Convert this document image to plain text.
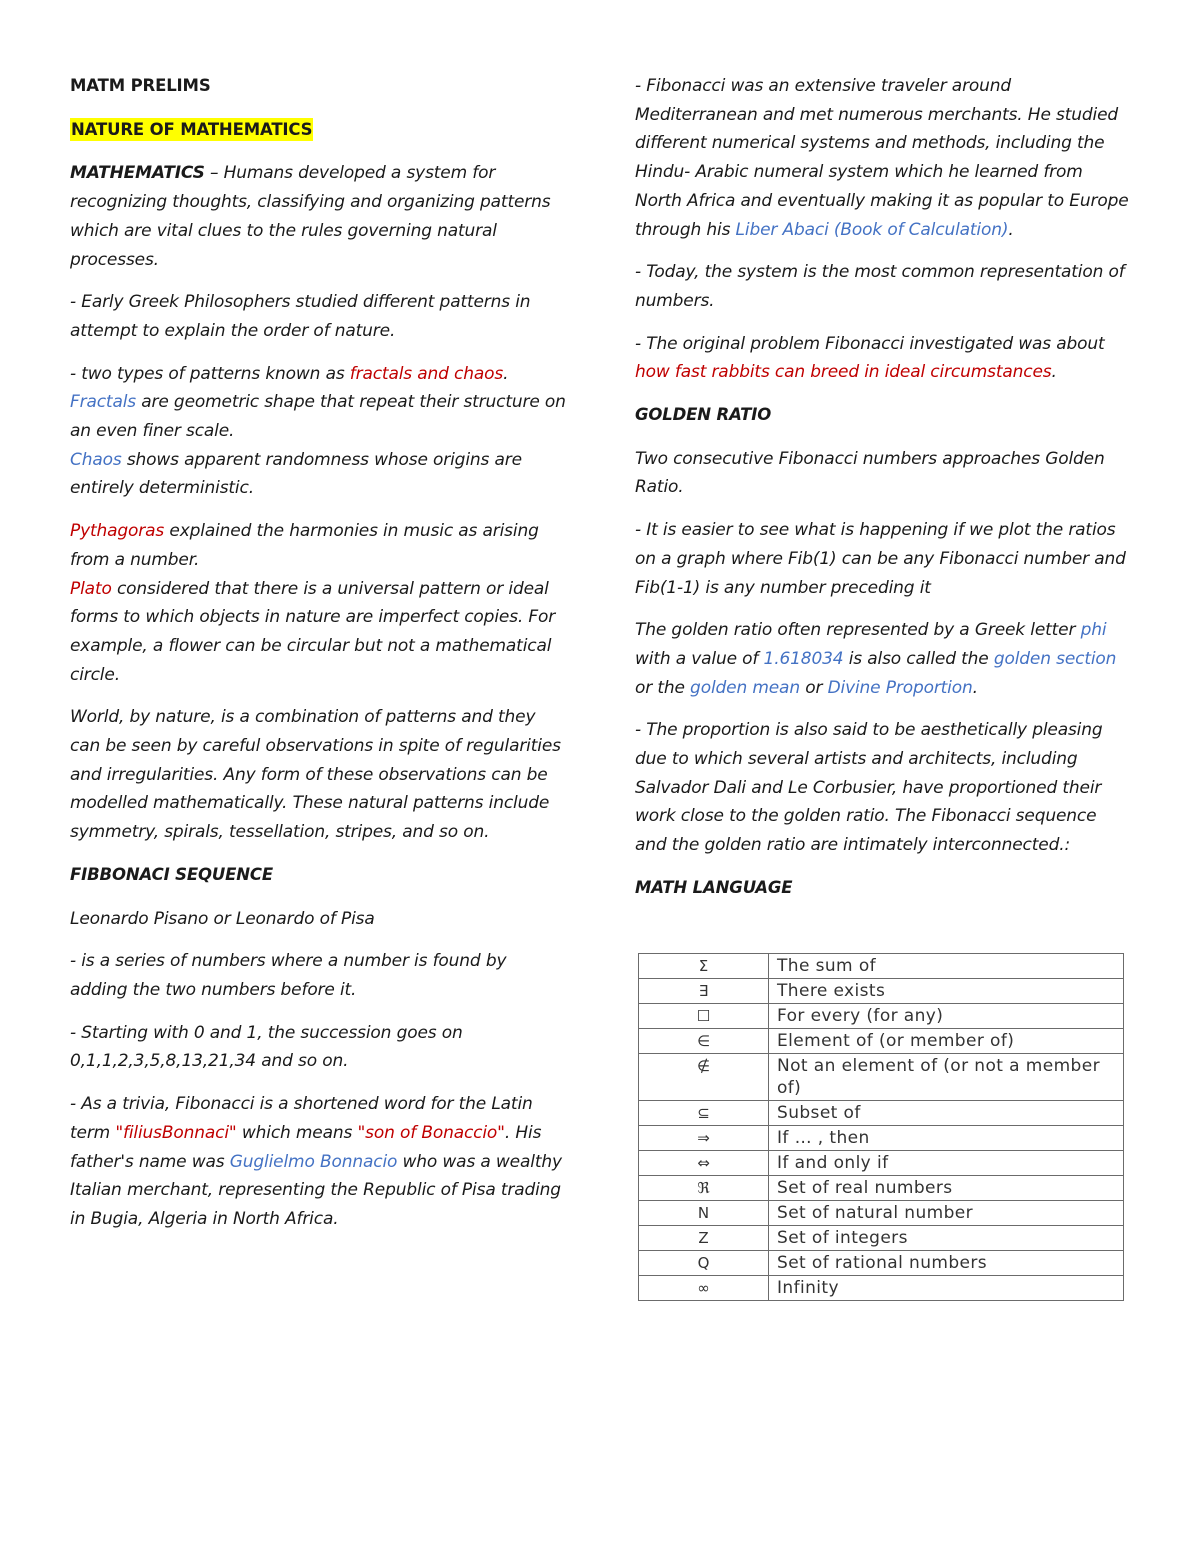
MATM PRELIMS

NATURE OF MATHEMATICS

MATHEMATICS – Humans developed a system for recognizing thoughts, classifying and organizing patterns which are vital clues to the rules governing natural processes.

- Early Greek Philosophers studied different patterns in attempt to explain the order of nature.

- two types of patterns known as fractals and chaos.
Fractals are geometric shape that repeat their structure on an even finer scale.
Chaos shows apparent randomness whose origins are entirely deterministic.

Pythagoras explained the harmonies in music as arising from a number.
Plato considered that there is a universal pattern or ideal forms to which objects in nature are imperfect copies. For example, a flower can be circular but not a mathematical circle.

World, by nature, is a combination of patterns and they can be seen by careful observations in spite of regularities and irregularities. Any form of these observations can be modelled mathematically. These natural patterns include symmetry, spirals, tessellation, stripes, and so on.

FIBBONACI SEQUENCE

Leonardo Pisano or Leonardo of Pisa

- is a series of numbers where a number is found by adding the two numbers before it.

- Starting with 0 and 1, the succession goes on 0,1,1,2,3,5,8,13,21,34 and so on.

- As a trivia, Fibonacci is a shortened word for the Latin term "filiusBonnaci" which means "son of Bonaccio". His father's name was Guglielmo Bonnacio who was a wealthy Italian merchant, representing the Republic of Pisa trading in Bugia, Algeria in North Africa.

- Fibonacci was an extensive traveler around Mediterranean and met numerous merchants. He studied different numerical systems and methods, including the Hindu- Arabic numeral system which he learned from North Africa and eventually making it as popular to Europe through his Liber Abaci (Book of Calculation).

- Today, the system is the most common representation of numbers.

- The original problem Fibonacci investigated was about how fast rabbits can breed in ideal circumstances.

GOLDEN RATIO

Two consecutive Fibonacci numbers approaches Golden Ratio.

- It is easier to see what is happening if we plot the ratios on a graph where Fib(1) can be any Fibonacci number and Fib(1-1) is any number preceding it

The golden ratio often represented by a Greek letter phi with a value of 1.618034 is also called the golden section or the golden mean or Divine Proportion.

- The proportion is also said to be aesthetically pleasing due to which several artists and architects, including Salvador Dali and Le Corbusier, have proportioned their work close to the golden ratio. The Fibonacci sequence and the golden ratio are intimately interconnected.:

MATH LANGUAGE

Σ	The sum of
∃	There exists
☐	For every (for any)
∈	Element of (or member of)
∉	Not an element of (or not a member of)
⊆	Subset of
⇒	If … , then
⇔	If and only if
ℜ	Set of real numbers
N	Set of natural number
Z	Set of integers
Q	Set of rational numbers
∞	Infinity
